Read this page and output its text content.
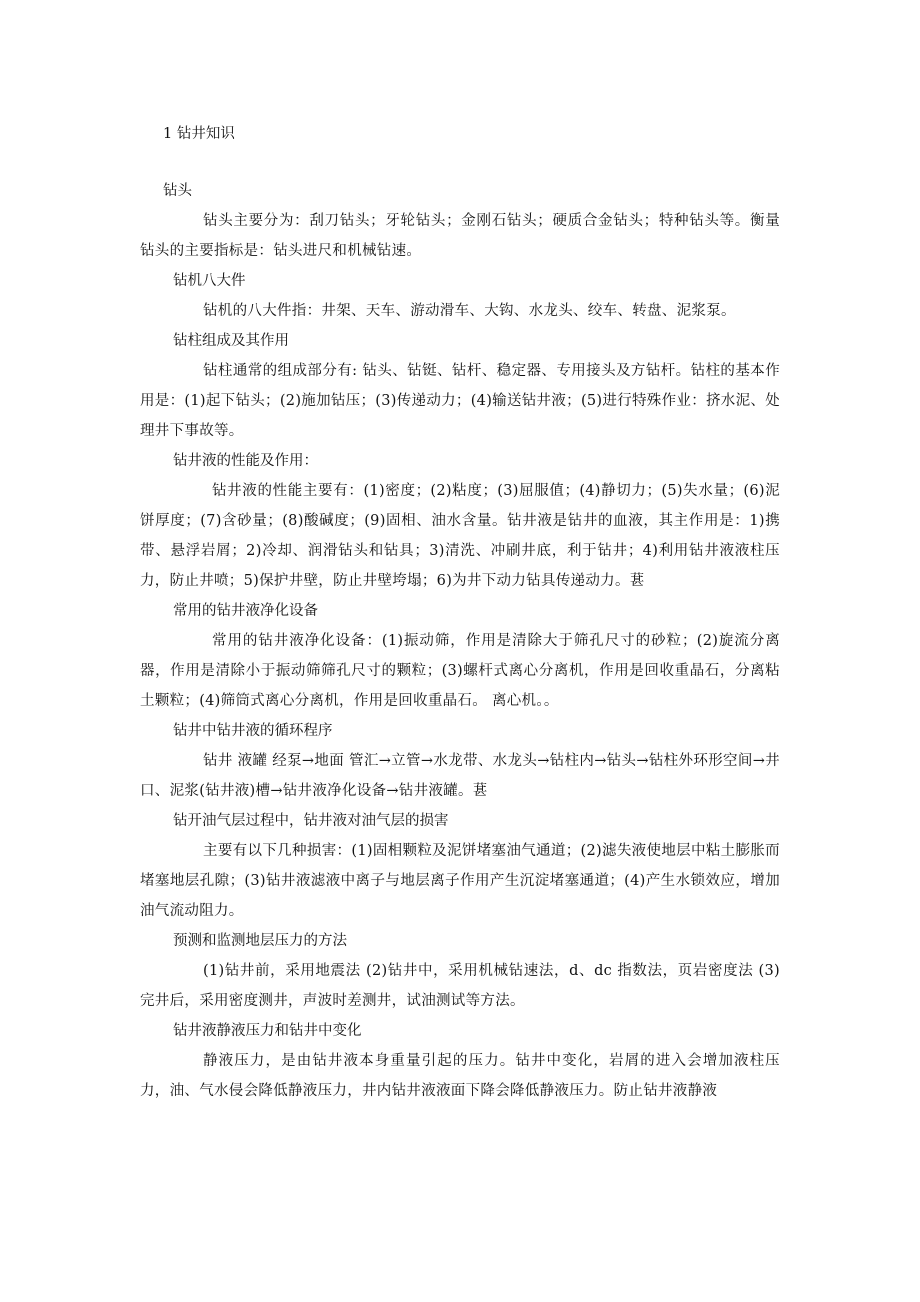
1 钻井知识

钻头

钻头主要分为：刮刀钻头；牙轮钻头；金刚石钻头；硬质合金钻头；特种钻头等。衡量钻头的主要指标是：钻头进尺和机械钻速。

钻机八大件

钻机的八大件指：井架、天车、游动滑车、大钩、水龙头、绞车、转盘、泥浆泵。

钻柱组成及其作用

钻柱通常的组成部分有: 钻头、钻铤、钻杆、稳定器、专用接头及方钻杆。钻柱的基本作用是：(1)起下钻头；(2)施加钻压；(3)传递动力；(4)输送钻井液；(5)进行特殊作业：挤水泥、处理井下事故等。

钻井液的性能及作用：

钻井液的性能主要有：(1)密度；(2)粘度；(3)屈服值；(4)静切力；(5)失水量；(6)泥饼厚度；(7)含砂量；(8)酸碱度；(9)固相、油水含量。钻井液是钻井的血液，其主作用是：1)携带、悬浮岩屑；2)冷却、润滑钻头和钻具；3)清洗、冲刷井底，利于钻井；4)利用钻井液液柱压力，防止井喷；5)保护井壁，防止井壁垮塌；6)为井下动力钻具传递动力。葚

常用的钻井液净化设备

常用的钻井液净化设备：(1)振动筛，作用是清除大于筛孔尺寸的砂粒；(2)旋流分离器，作用是清除小于振动筛筛孔尺寸的颗粒；(3)螺杆式离心分离机，作用是回收重晶石，分离粘土颗粒；(4)筛筒式离心分离机，作用是回收重晶石。 离心机。。

钻井中钻井液的循环程序

钻井 液罐 经泵→地面 管汇→立管→水龙带、水龙头→钻柱内→钻头→钻柱外环形空间→井口、泥浆(钻井液)槽→钻井液净化设备→钻井液罐。葚

钻开油气层过程中，钻井液对油气层的损害

主要有以下几种损害：(1)固相颗粒及泥饼堵塞油气通道；(2)滤失液使地层中粘土膨胀而堵塞地层孔隙；(3)钻井液滤液中离子与地层离子作用产生沉淀堵塞通道；(4)产生水锁效应，增加油气流动阻力。

预测和监测地层压力的方法

(1)钻井前，采用地震法 (2)钻井中，采用机械钻速法，d、dc 指数法，页岩密度法 (3)完井后，采用密度测井，声波时差测井，试油测试等方法。

钻井液静液压力和钻井中变化

静液压力，是由钻井液本身重量引起的压力。钻井中变化，岩屑的进入会增加液柱压力，油、气水侵会降低静液压力，井内钻井液液面下降会降低静液压力。防止钻井液静液
